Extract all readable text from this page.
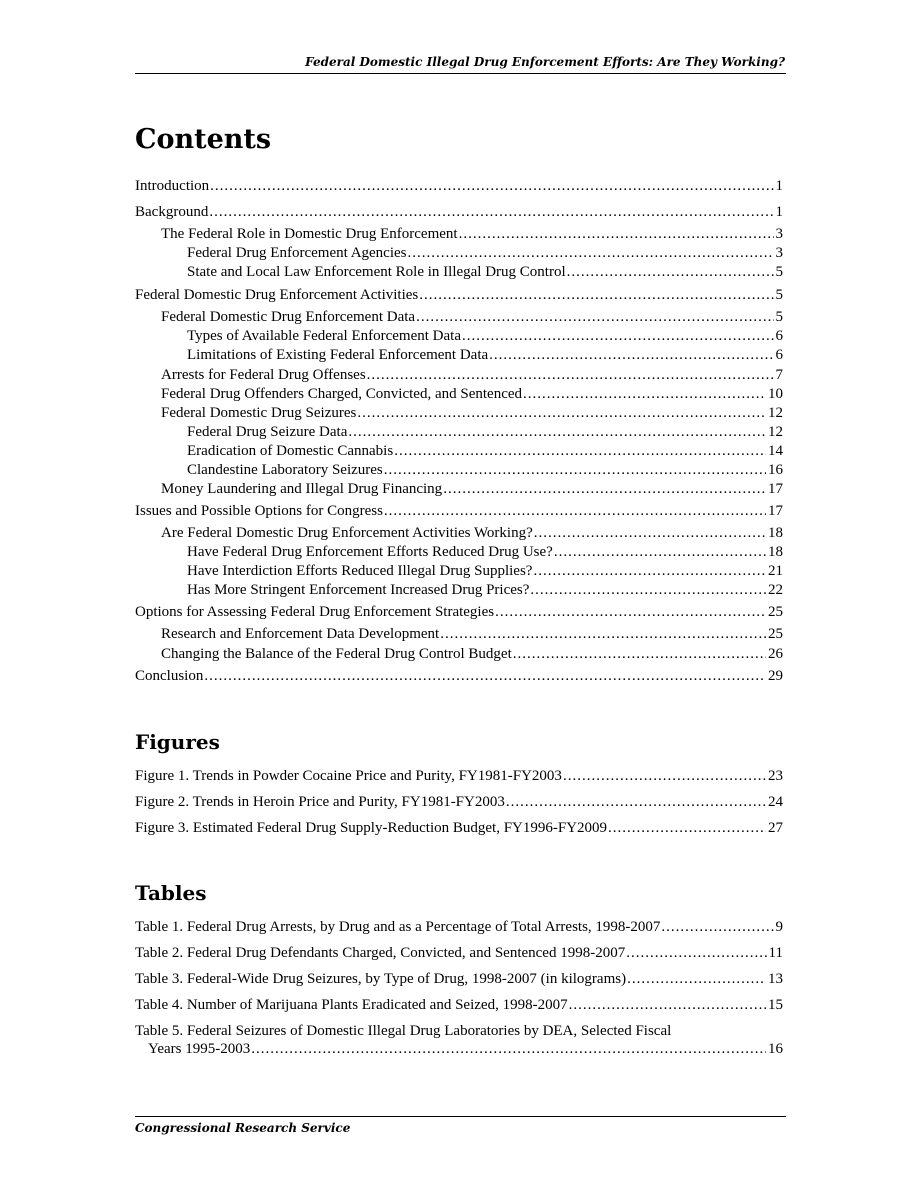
Federal Domestic Illegal Drug Enforcement Efforts: Are They Working?
Contents
Introduction .....	1
Background .....	1
The Federal Role in Domestic Drug Enforcement .....	3
Federal Drug Enforcement Agencies .....	3
State and Local Law Enforcement Role in Illegal Drug Control .....	5
Federal Domestic Drug Enforcement Activities .....	5
Federal Domestic Drug Enforcement Data .....	5
Types of Available Federal Enforcement Data .....	6
Limitations of Existing Federal Enforcement Data .....	6
Arrests for Federal Drug Offenses .....	7
Federal Drug Offenders Charged, Convicted, and Sentenced .....	10
Federal Domestic Drug Seizures .....	12
Federal Drug Seizure Data .....	12
Eradication of Domestic Cannabis .....	14
Clandestine Laboratory Seizures .....	16
Money Laundering and Illegal Drug Financing .....	17
Issues and Possible Options for Congress .....	17
Are Federal Domestic Drug Enforcement Activities Working? .....	18
Have Federal Drug Enforcement Efforts Reduced Drug Use? .....	18
Have Interdiction Efforts Reduced Illegal Drug Supplies? .....	21
Has More Stringent Enforcement Increased Drug Prices? .....	22
Options for Assessing Federal Drug Enforcement Strategies .....	25
Research and Enforcement Data Development .....	25
Changing the Balance of the Federal Drug Control Budget .....	26
Conclusion .....	29
Figures
Figure 1. Trends in Powder Cocaine Price and Purity, FY1981-FY2003 .....	23
Figure 2. Trends in Heroin Price and Purity, FY1981-FY2003 .....	24
Figure 3. Estimated Federal Drug Supply-Reduction Budget, FY1996-FY2009 .....	27
Tables
Table 1. Federal Drug Arrests, by Drug and as a Percentage of Total Arrests, 1998-2007 .....	9
Table 2. Federal Drug Defendants Charged, Convicted, and Sentenced 1998-2007 .....	11
Table 3. Federal-Wide Drug Seizures, by Type of Drug, 1998-2007 (in kilograms) .....	13
Table 4. Number of Marijuana Plants Eradicated and Seized, 1998-2007 .....	15
Table 5. Federal Seizures of Domestic Illegal Drug Laboratories by DEA, Selected Fiscal
Years 1995-2003 .....	16
Congressional Research Service
